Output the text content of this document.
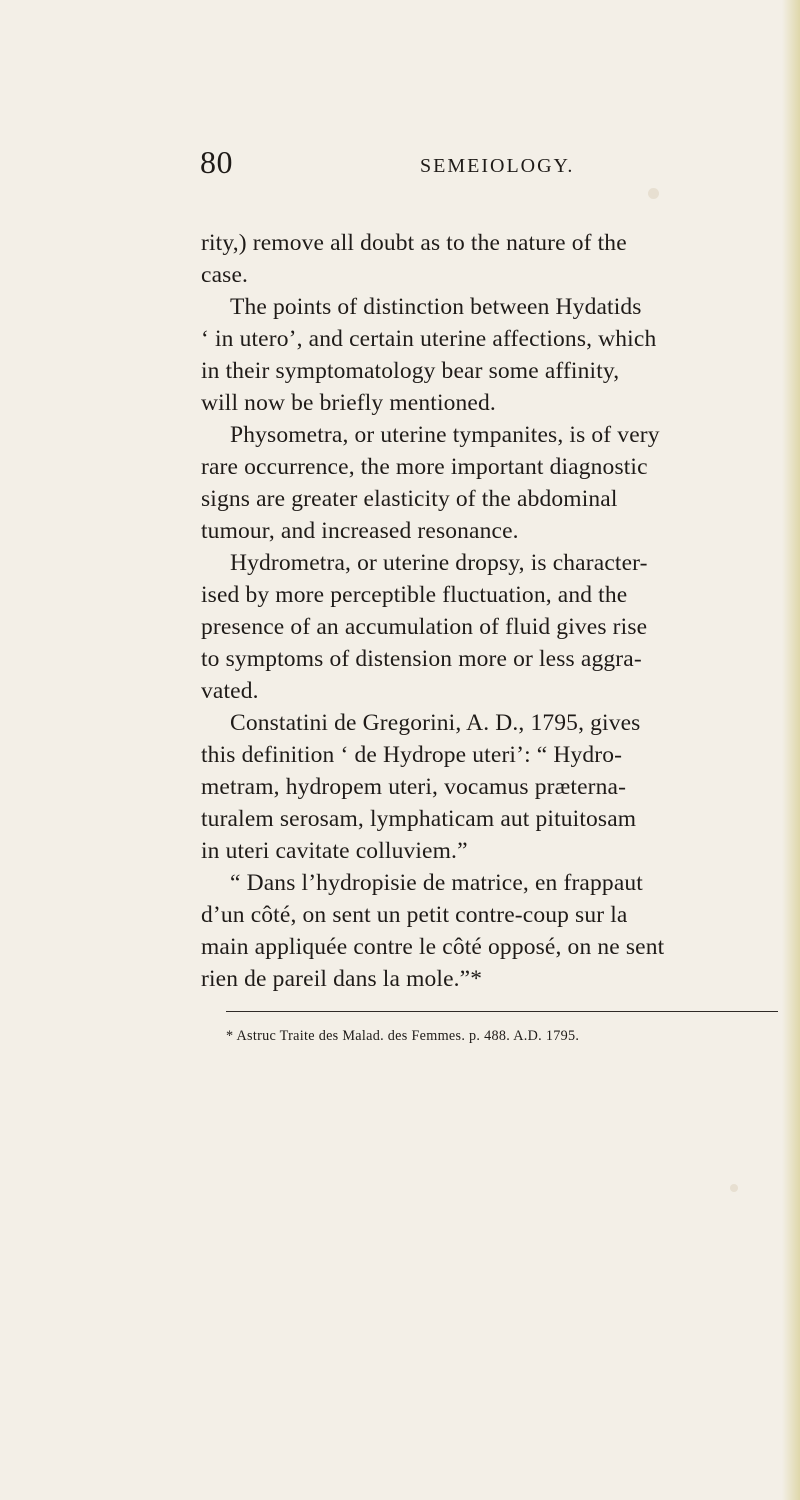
80	SEMEIOLOGY.
rity,) remove all doubt as to the nature of the
case.
The points of distinction between Hydatids
‘ in utero’, and certain uterine affections, which
in their symptomatology bear some affinity,
will now be briefly mentioned.
Physometra, or uterine tympanites, is of very
rare occurrence, the more important diagnostic
signs are greater elasticity of the abdominal
tumour, and increased resonance.
Hydrometra, or uterine dropsy, is character-
ised by more perceptible fluctuation, and the
presence of an accumulation of fluid gives rise
to symptoms of distension more or less aggra-
vated.
Constatini de Gregorini, A. D., 1795, gives
this definition ‘ de Hydrope uteri’: “ Hydro-
metram, hydropem uteri, vocamus præterna-
turalem serosam, lymphaticam aut pituitosam
in uteri cavitate colluviem.”
“ Dans l’hydropisie de matrice, en frappaut
d’un côté, on sent un petit contre-coup sur la
main appliquée contre le côté opposé, on ne sent
rien de pareil dans la mole.”*
* Astruc Traite des Malad. des Femmes. p. 488. A.D. 1795.
